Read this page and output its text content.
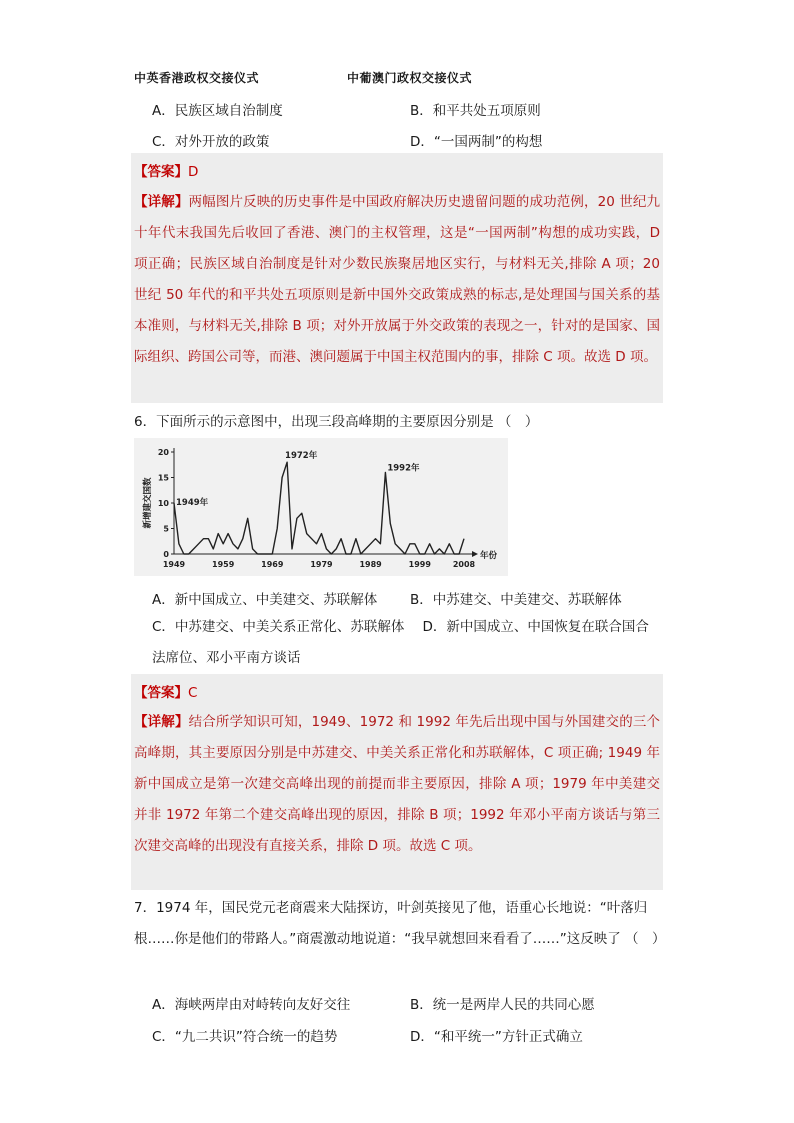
中英香港政权交接仪式	中葡澳门政权交接仪式
A．民族区域自治制度	B．和平共处五项原则
C．对外开放的政策	D．“一国两制”的构想
【答案】D
【详解】两幅图片反映的历史事件是中国政府解决历史遗留问题的成功范例，20 世纪九十年代末我国先后收回了香港、澳门的主权管理，这是“一国两制”构想的成功实践，D 项正确；民族区域自治制度是针对少数民族聚居地区实行，与材料无关,排除 A 项；20 世纪 50 年代的和平共处五项原则是新中国外交政策成熟的标志,是处理国与国关系的基本准则，与材料无关,排除 B 项；对外开放属于外交政策的表现之一，针对的是国家、国际组织、跨国公司等，而港、澳问题属于中国主权范围内的事，排除 C 项。故选 D 项。
6．下面所示的示意图中，出现三段高峰期的主要原因分别是 （　）
0
5
10
15
20
1949	1959	1969	1979	1989	1999	2008
新增建交国数
年份
1949年
1972年
1992年
A．新中国成立、中美建交、苏联解体 B．中苏建交、中美建交、苏联解体
C．中苏建交、中美关系正常化、苏联解体 D．新中国成立、中国恢复在联合国合法席位、邓小平南方谈话
【答案】C
【详解】结合所学知识可知，1949、1972 和 1992 年先后出现中国与外国建交的三个高峰期，其主要原因分别是中苏建交、中美关系正常化和苏联解体，C 项正确; 1949 年新中国成立是第一次建交高峰出现的前提而非主要原因，排除 A 项；1979 年中美建交并非 1972 年第二个建交高峰出现的原因，排除 B 项；1992 年邓小平南方谈话与第三次建交高峰的出现没有直接关系，排除 D 项。故选 C 项。
7．1974 年，国民党元老商震来大陆探访，叶剑英接见了他，语重心长地说：“叶落归根……你是他们的带路人。”商震激动地说道：“我早就想回来看看了……”这反映了 （　）
A．海峡两岸由对峙转向友好交往	B．统一是两岸人民的共同心愿
C．“九二共识”符合统一的趋势	D．“和平统一”方针正式确立
